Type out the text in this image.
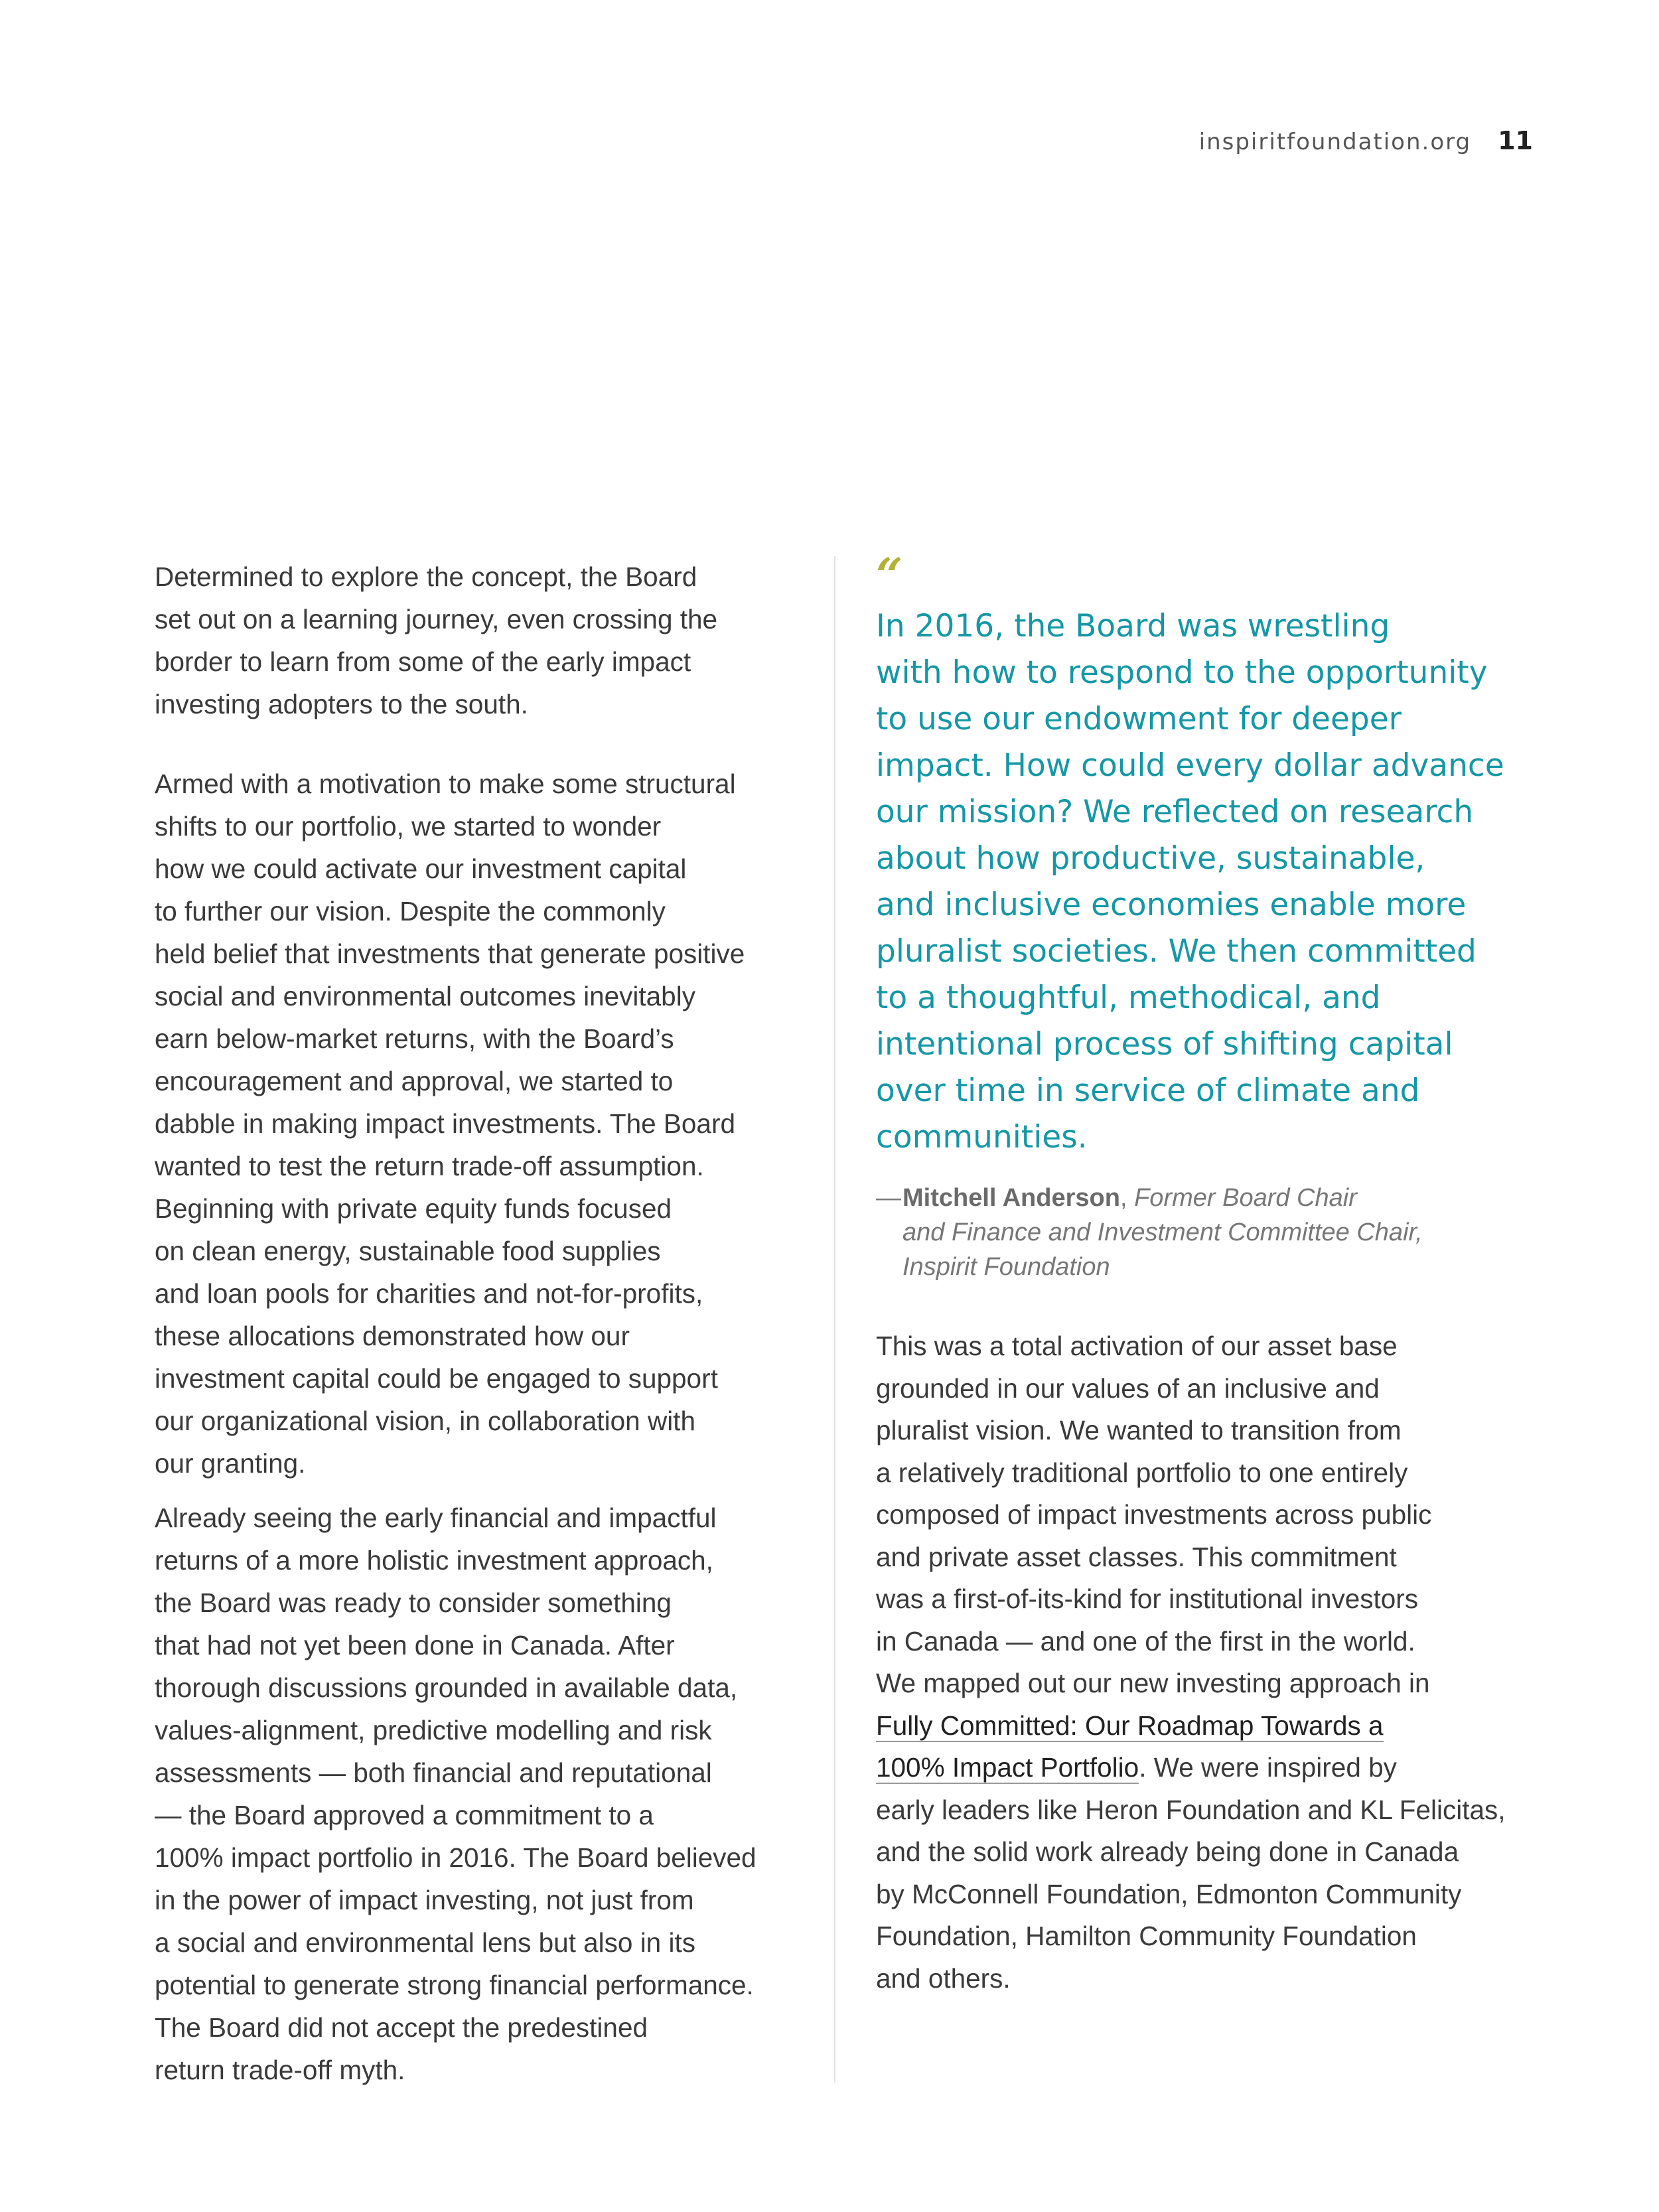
inspiritfoundation.org 11

Determined to explore the concept, the Board
set out on a learning journey, even crossing the
border to learn from some of the early impact
investing adopters to the south.

Armed with a motivation to make some structural
shifts to our portfolio, we started to wonder
how we could activate our investment capital
to further our vision. Despite the commonly
held belief that investments that generate positive
social and environmental outcomes inevitably
earn below-market returns, with the Board’s
encouragement and approval, we started to
dabble in making impact investments. The Board
wanted to test the return trade-off assumption.
Beginning with private equity funds focused
on clean energy, sustainable food supplies
and loan pools for charities and not-for-profits,
these allocations demonstrated how our
investment capital could be engaged to support
our organizational vision, in collaboration with
our granting.

Already seeing the early financial and impactful
returns of a more holistic investment approach,
the Board was ready to consider something
that had not yet been done in Canada. After
thorough discussions grounded in available data,
values-alignment, predictive modelling and risk
assessments — both financial and reputational
— the Board approved a commitment to a
100% impact portfolio in 2016. The Board believed
in the power of impact investing, not just from
a social and environmental lens but also in its
potential to generate strong financial performance.
The Board did not accept the predestined
return trade-off myth.

“

In 2016, the Board was wrestling
with how to respond to the opportunity
to use our endowment for deeper
impact. How could every dollar advance
our mission? We reflected on research
about how productive, sustainable,
and inclusive economies enable more
pluralist societies. We then committed
to a thoughtful, methodical, and
intentional process of shifting capital
over time in service of climate and
communities.

— Mitchell Anderson, Former Board Chair
and Finance and Investment Committee Chair,
Inspirit Foundation
This was a total activation of our asset base
grounded in our values of an inclusive and
pluralist vision. We wanted to transition from
a relatively traditional portfolio to one entirely
composed of impact investments across public
and private asset classes. This commitment
was a first-of-its-kind for institutional investors
in Canada — and one of the first in the world.
We mapped out our new investing approach in
Fully Committed: Our Roadmap Towards a
100% Impact Portfolio. We were inspired by
early leaders like Heron Foundation and KL Felicitas,
and the solid work already being done in Canada
by McConnell Foundation, Edmonton Community
Foundation, Hamilton Community Foundation
and others.
